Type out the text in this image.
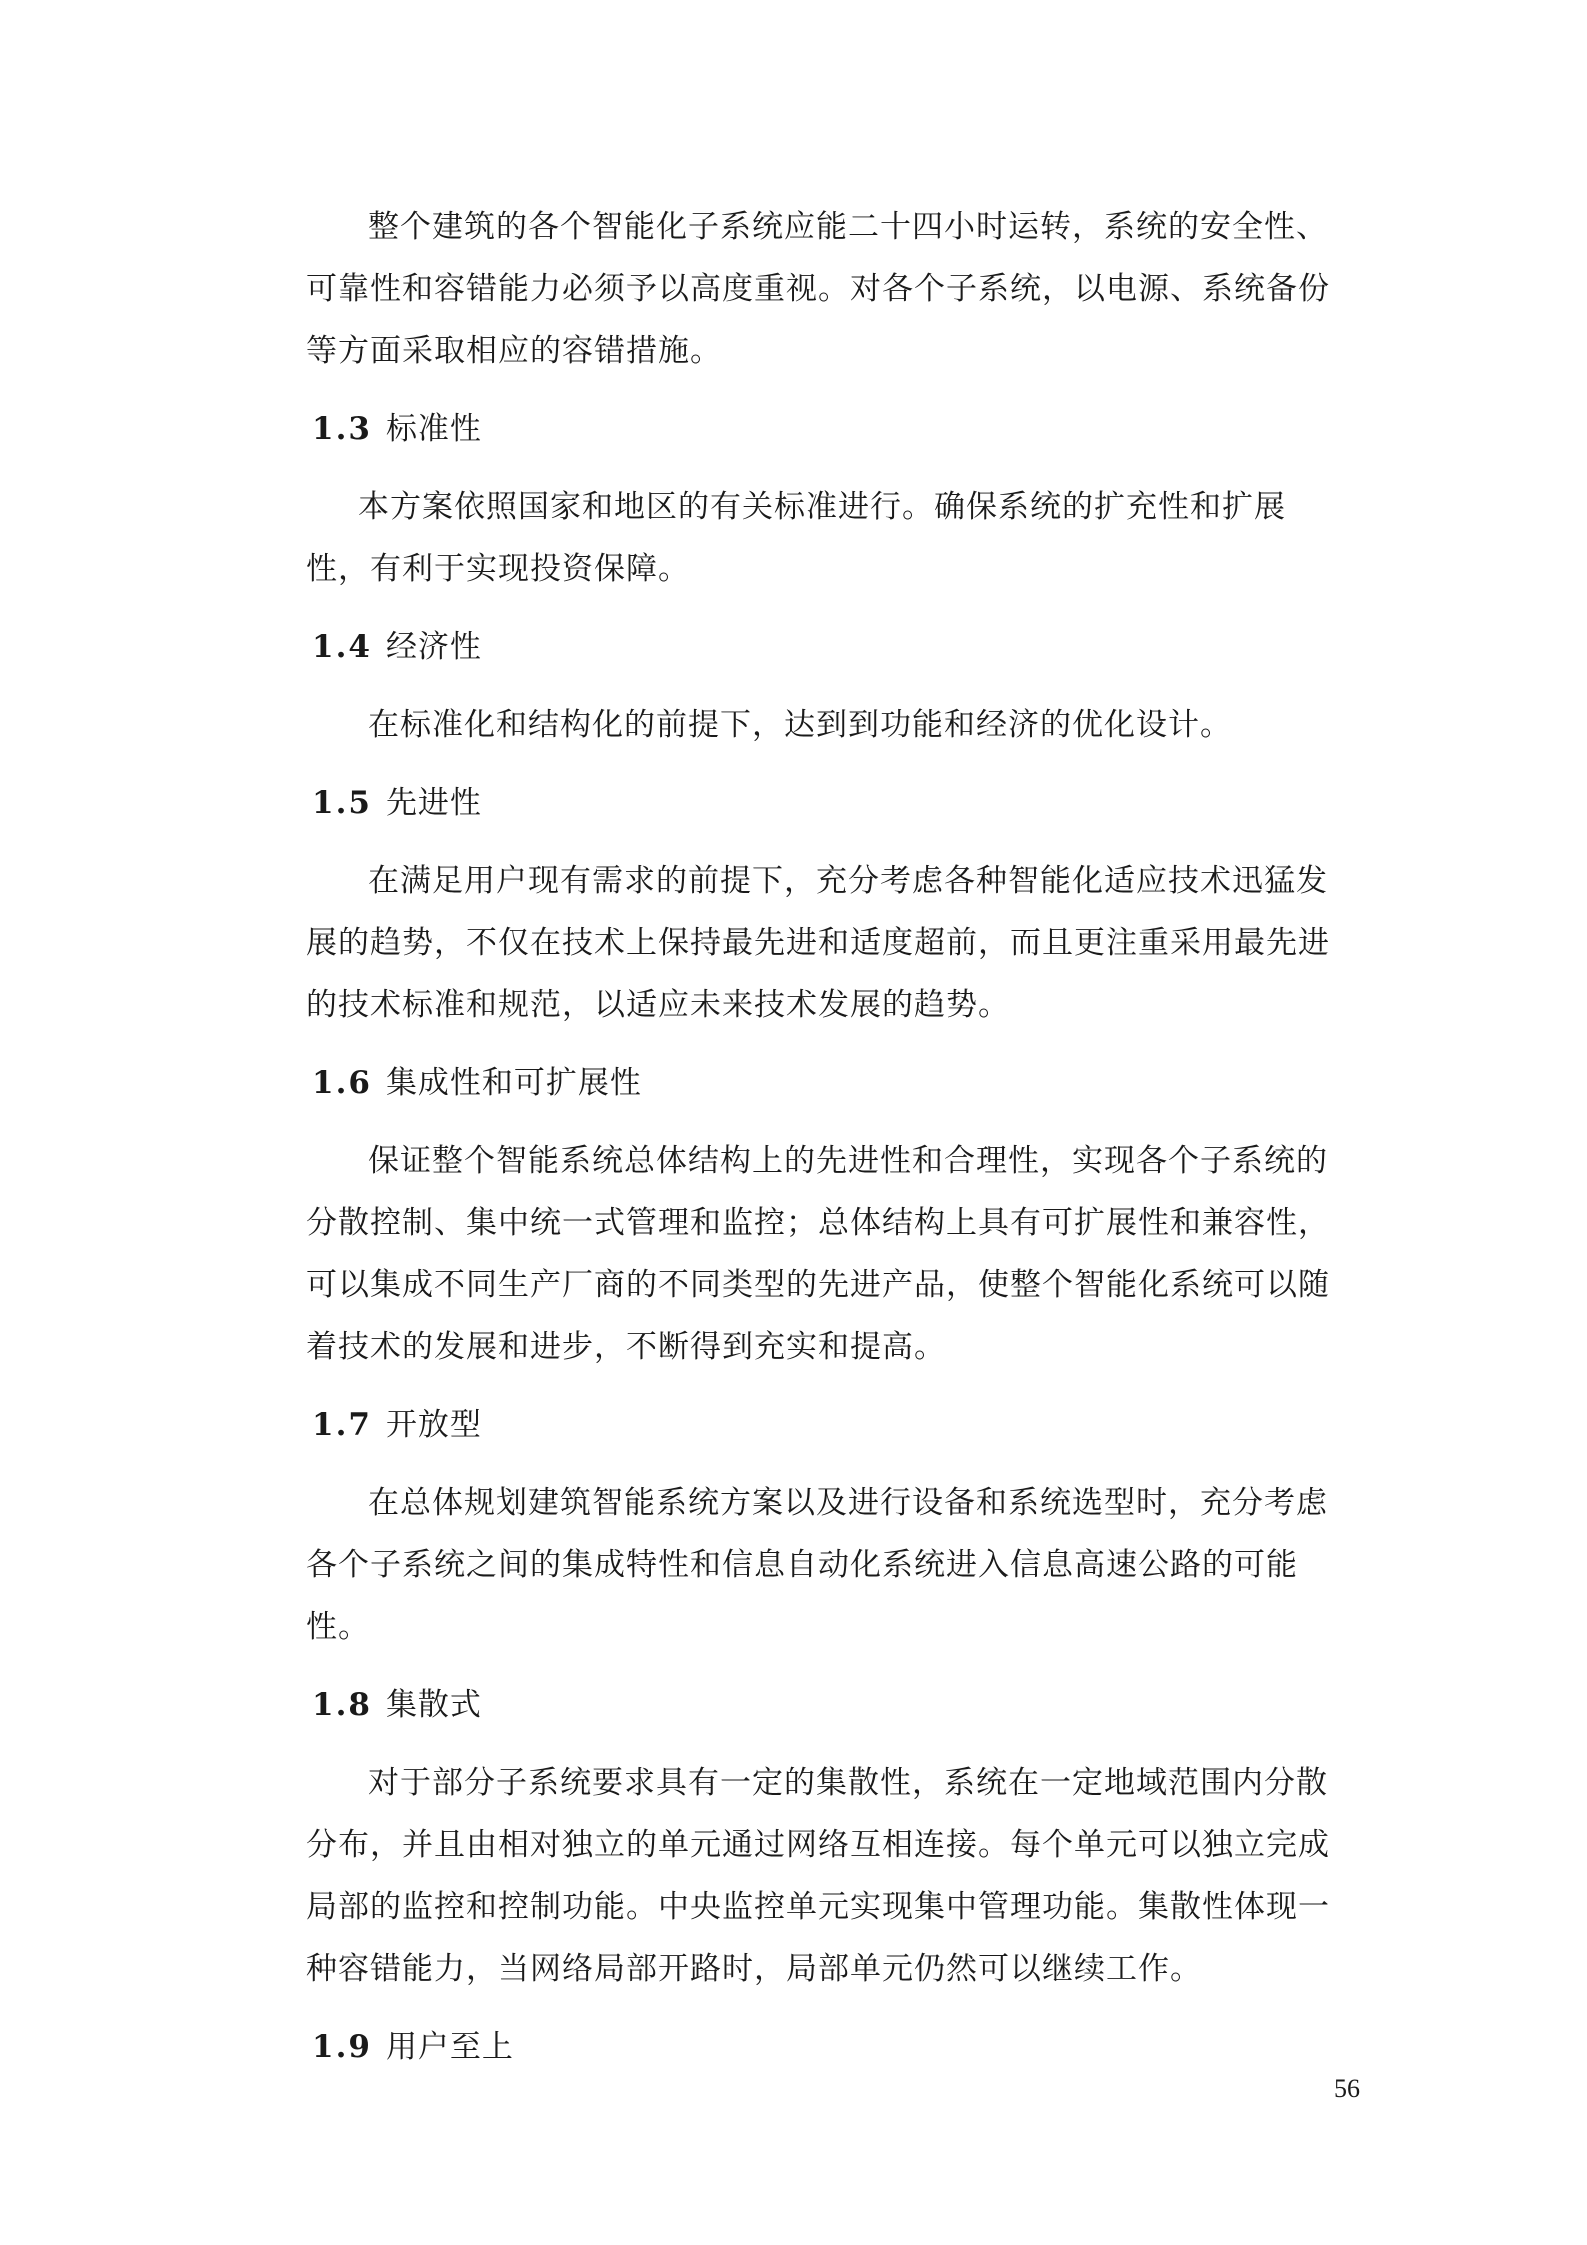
整个建筑的各个智能化子系统应能二十四小时运转，系统的安全性、可靠性和容错能力必须予以高度重视。对各个子系统，以电源、系统备份等方面采取相应的容错措施。

1.3 标准性

本方案依照国家和地区的有关标准进行。确保系统的扩充性和扩展性，有利于实现投资保障。

1.4 经济性

在标准化和结构化的前提下，达到到功能和经济的优化设计。

1.5 先进性

在满足用户现有需求的前提下，充分考虑各种智能化适应技术迅猛发展的趋势，不仅在技术上保持最先进和适度超前，而且更注重采用最先进的技术标准和规范，以适应未来技术发展的趋势。

1.6 集成性和可扩展性

保证整个智能系统总体结构上的先进性和合理性，实现各个子系统的分散控制、集中统一式管理和监控；总体结构上具有可扩展性和兼容性，可以集成不同生产厂商的不同类型的先进产品，使整个智能化系统可以随着技术的发展和进步，不断得到充实和提高。

1.7 开放型

在总体规划建筑智能系统方案以及进行设备和系统选型时，充分考虑各个子系统之间的集成特性和信息自动化系统进入信息高速公路的可能性。

1.8 集散式

对于部分子系统要求具有一定的集散性，系统在一定地域范围内分散分布，并且由相对独立的单元通过网络互相连接。每个单元可以独立完成局部的监控和控制功能。中央监控单元实现集中管理功能。集散性体现一种容错能力，当网络局部开路时，局部单元仍然可以继续工作。

1.9 用户至上
56
